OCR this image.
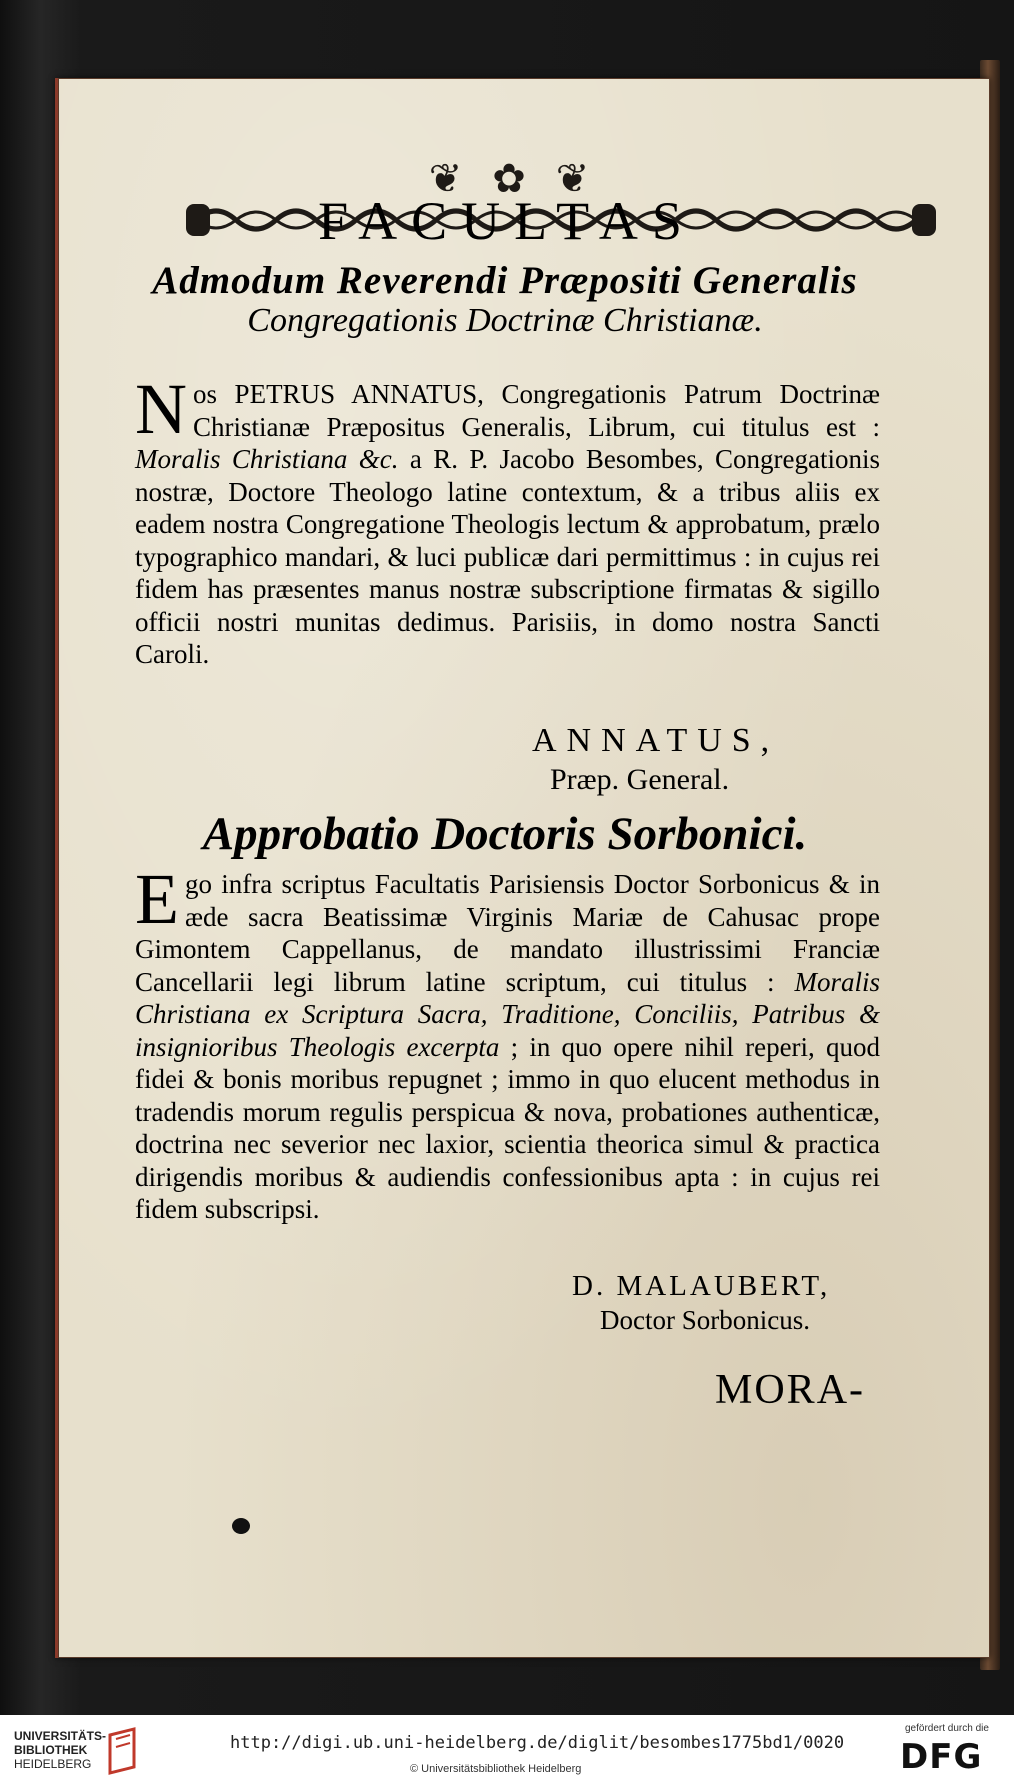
❦✿❦
FACULTAS
Admodum Reverendi Præpositi Generalis
Congregationis Doctrinæ Christianæ.
Nos PETRUS ANNATUS, Congregationis Patrum Doctrinæ Christianæ Præpositus Generalis, Librum, cui titulus est : Moralis Christiana &c. a R. P. Jacobo Besombes, Congregationis nostræ, Doctore Theologo latine contextum, & a tribus aliis ex eadem nostra Congregatione Theologis lectum & approbatum, prælo typographico mandari, & luci publicæ dari permittimus : in cujus rei fidem has præsentes manus nostræ subscriptione firmatas & sigillo officii nostri munitas dedimus. Parisiis, in domo nostra Sancti Caroli.
ANNATUS,
Præp. General.
Approbatio Doctoris Sorbonici.
Ego infra scriptus Facultatis Parisiensis Doctor Sorbonicus & in æde sacra Beatissimæ Virginis Mariæ de Cahusac prope Gimontem Cappellanus, de mandato illustrissimi Franciæ Cancellarii legi librum latine scriptum, cui titulus : Moralis Christiana ex Scriptura Sacra, Traditione, Conciliis, Patribus & insignioribus Theologis excerpta ; in quo opere nihil reperi, quod fidei & bonis moribus repugnet ; immo in quo elucent methodus in tradendis morum regulis perspicua & nova, probationes authenticæ, doctrina nec severior nec laxior, scientia theorica simul & practica dirigendis moribus & audiendis confessionibus apta : in cujus rei fidem subscripsi.
D. MALAUBERT,
Doctor Sorbonicus.
MORA-
UNIVERSITÄTS-
BIBLIOTHEK
HEIDELBERG
http://digi.ub.uni-heidelberg.de/diglit/besombes1775bd1/0020
© Universitätsbibliothek Heidelberg
gefördert durch die
DFG
